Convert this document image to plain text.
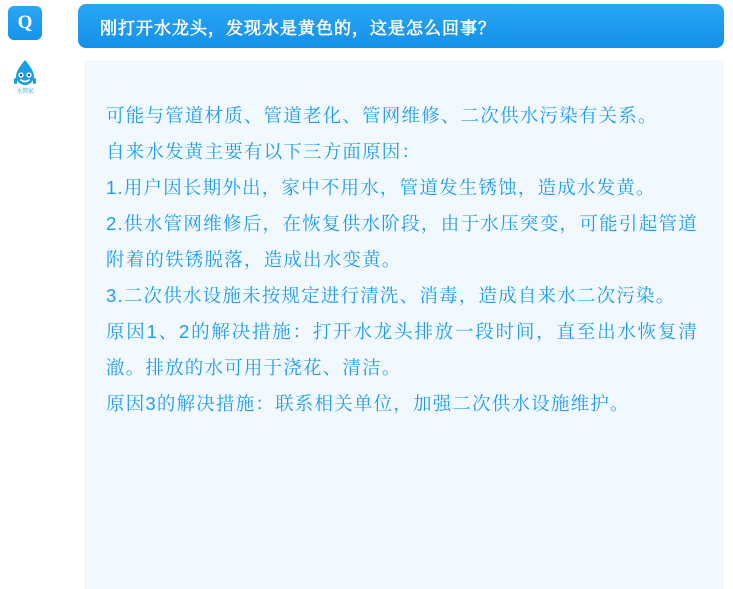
Q
水管家
刚打开水龙头，发现水是黄色的，这是怎么回事？

可能与管道材质、管道老化、管网维修、二次供水污染有关系。

自来水发黄主要有以下三方面原因：

1.用户因长期外出，家中不用水，管道发生锈蚀，造成水发黄。

2.供水管网维修后，在恢复供水阶段，由于水压突变，可能引起管道附着的铁锈脱落，造成出水变黄。

3.二次供水设施未按规定进行清洗、消毒，造成自来水二次污染。

原因1、2的解决措施：打开水龙头排放一段时间，直至出水恢复清澈。排放的水可用于浇花、清洁。

原因3的解决措施：联系相关单位，加强二次供水设施维护。
